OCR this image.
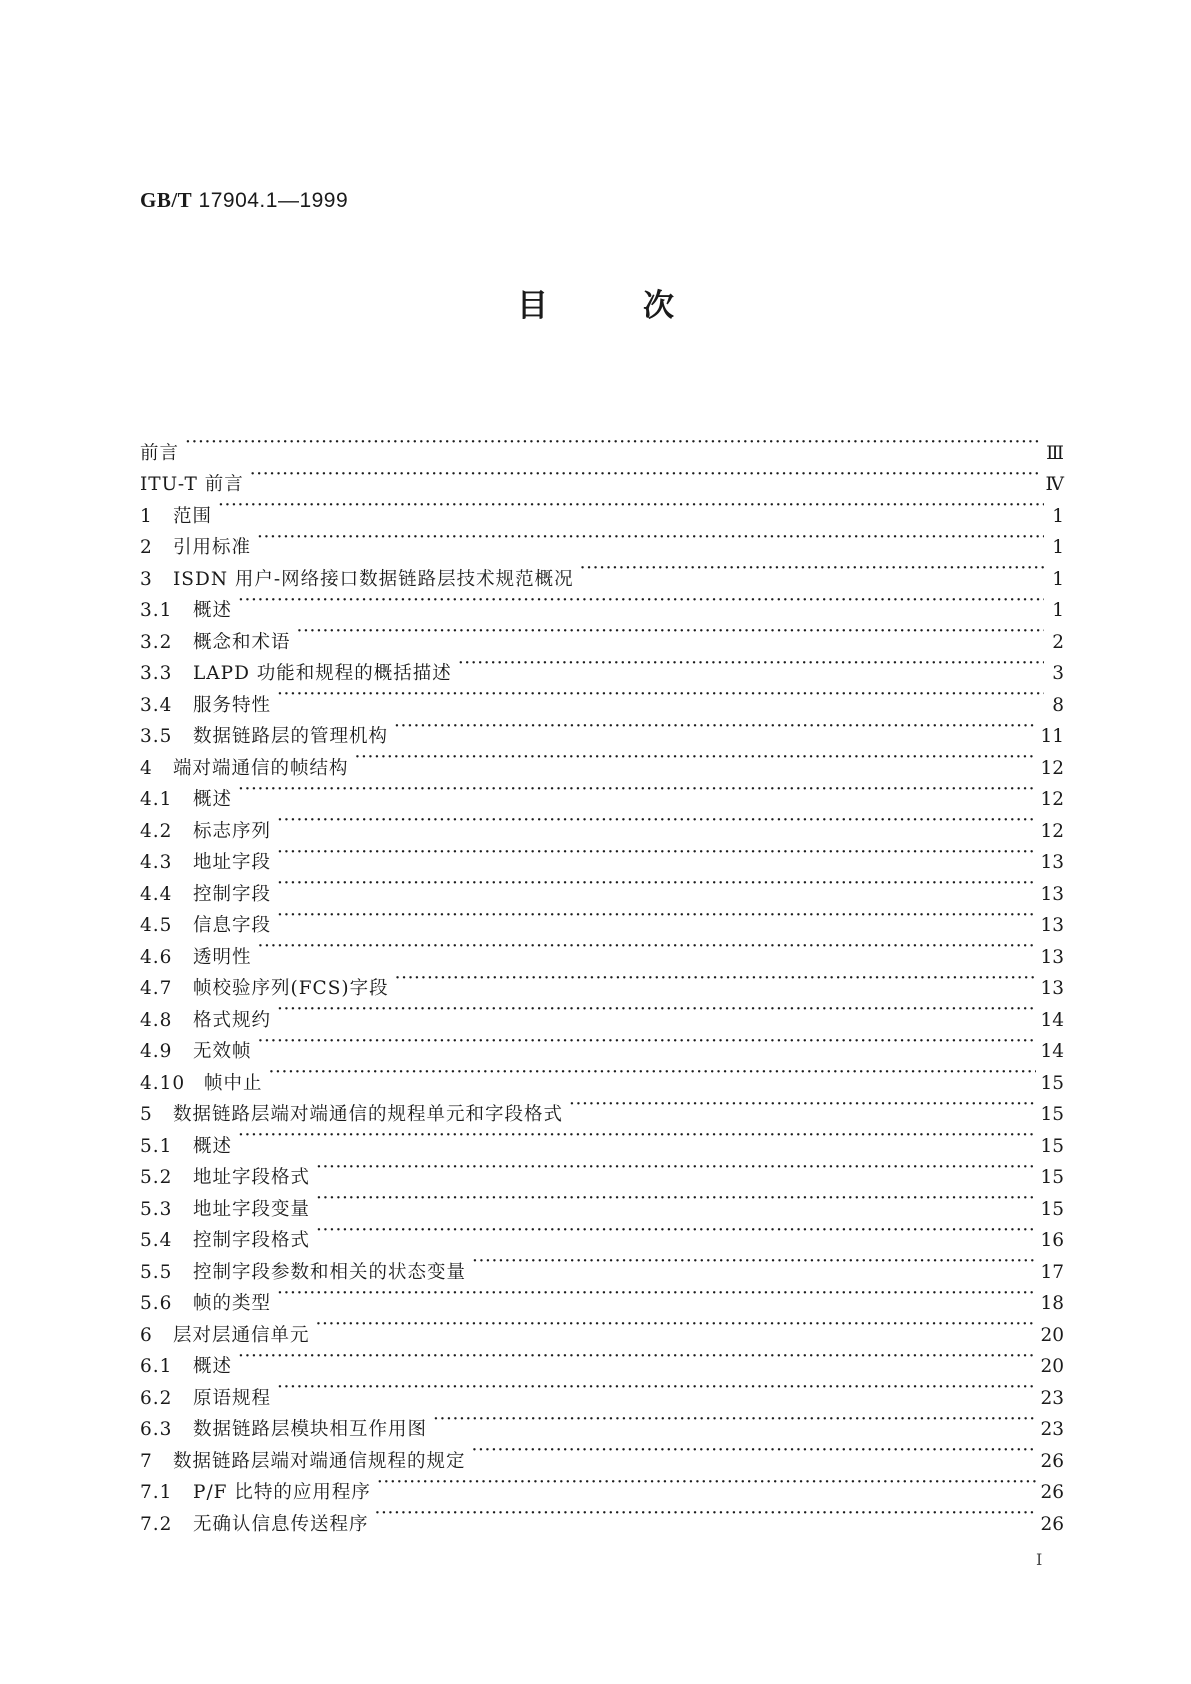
GB/T 17904.1—1999
目次
前言 ·····	Ⅲ
ITU-T 前言 ·····	Ⅳ
1	范围 ·····	1
2	引用标准 ·····	1
3	ISDN 用户-网络接口数据链路层技术规范概况 ·····	1
3.1	概述 ·····	1
3.2	概念和术语 ·····	2
3.3	LAPD 功能和规程的概括描述 ·····	3
3.4	服务特性 ·····	8
3.5	数据链路层的管理机构 ·····	11
4	端对端通信的帧结构 ·····	12
4.1	概述 ·····	12
4.2	标志序列 ·····	12
4.3	地址字段 ·····	13
4.4	控制字段 ·····	13
4.5	信息字段 ·····	13
4.6	透明性 ·····	13
4.7	帧校验序列(FCS)字段 ·····	13
4.8	格式规约 ·····	14
4.9	无效帧 ·····	14
4.10	帧中止 ·····	15
5	数据链路层端对端通信的规程单元和字段格式 ·····	15
5.1	概述 ·····	15
5.2	地址字段格式 ·····	15
5.3	地址字段变量 ·····	15
5.4	控制字段格式 ·····	16
5.5	控制字段参数和相关的状态变量 ·····	17
5.6	帧的类型 ·····	18
6	层对层通信单元 ·····	20
6.1	概述 ·····	20
6.2	原语规程 ·····	23
6.3	数据链路层模块相互作用图 ·····	23
7	数据链路层端对端通信规程的规定 ·····	26
7.1	P/F 比特的应用程序 ·····	26
7.2	无确认信息传送程序 ·····	26
I
